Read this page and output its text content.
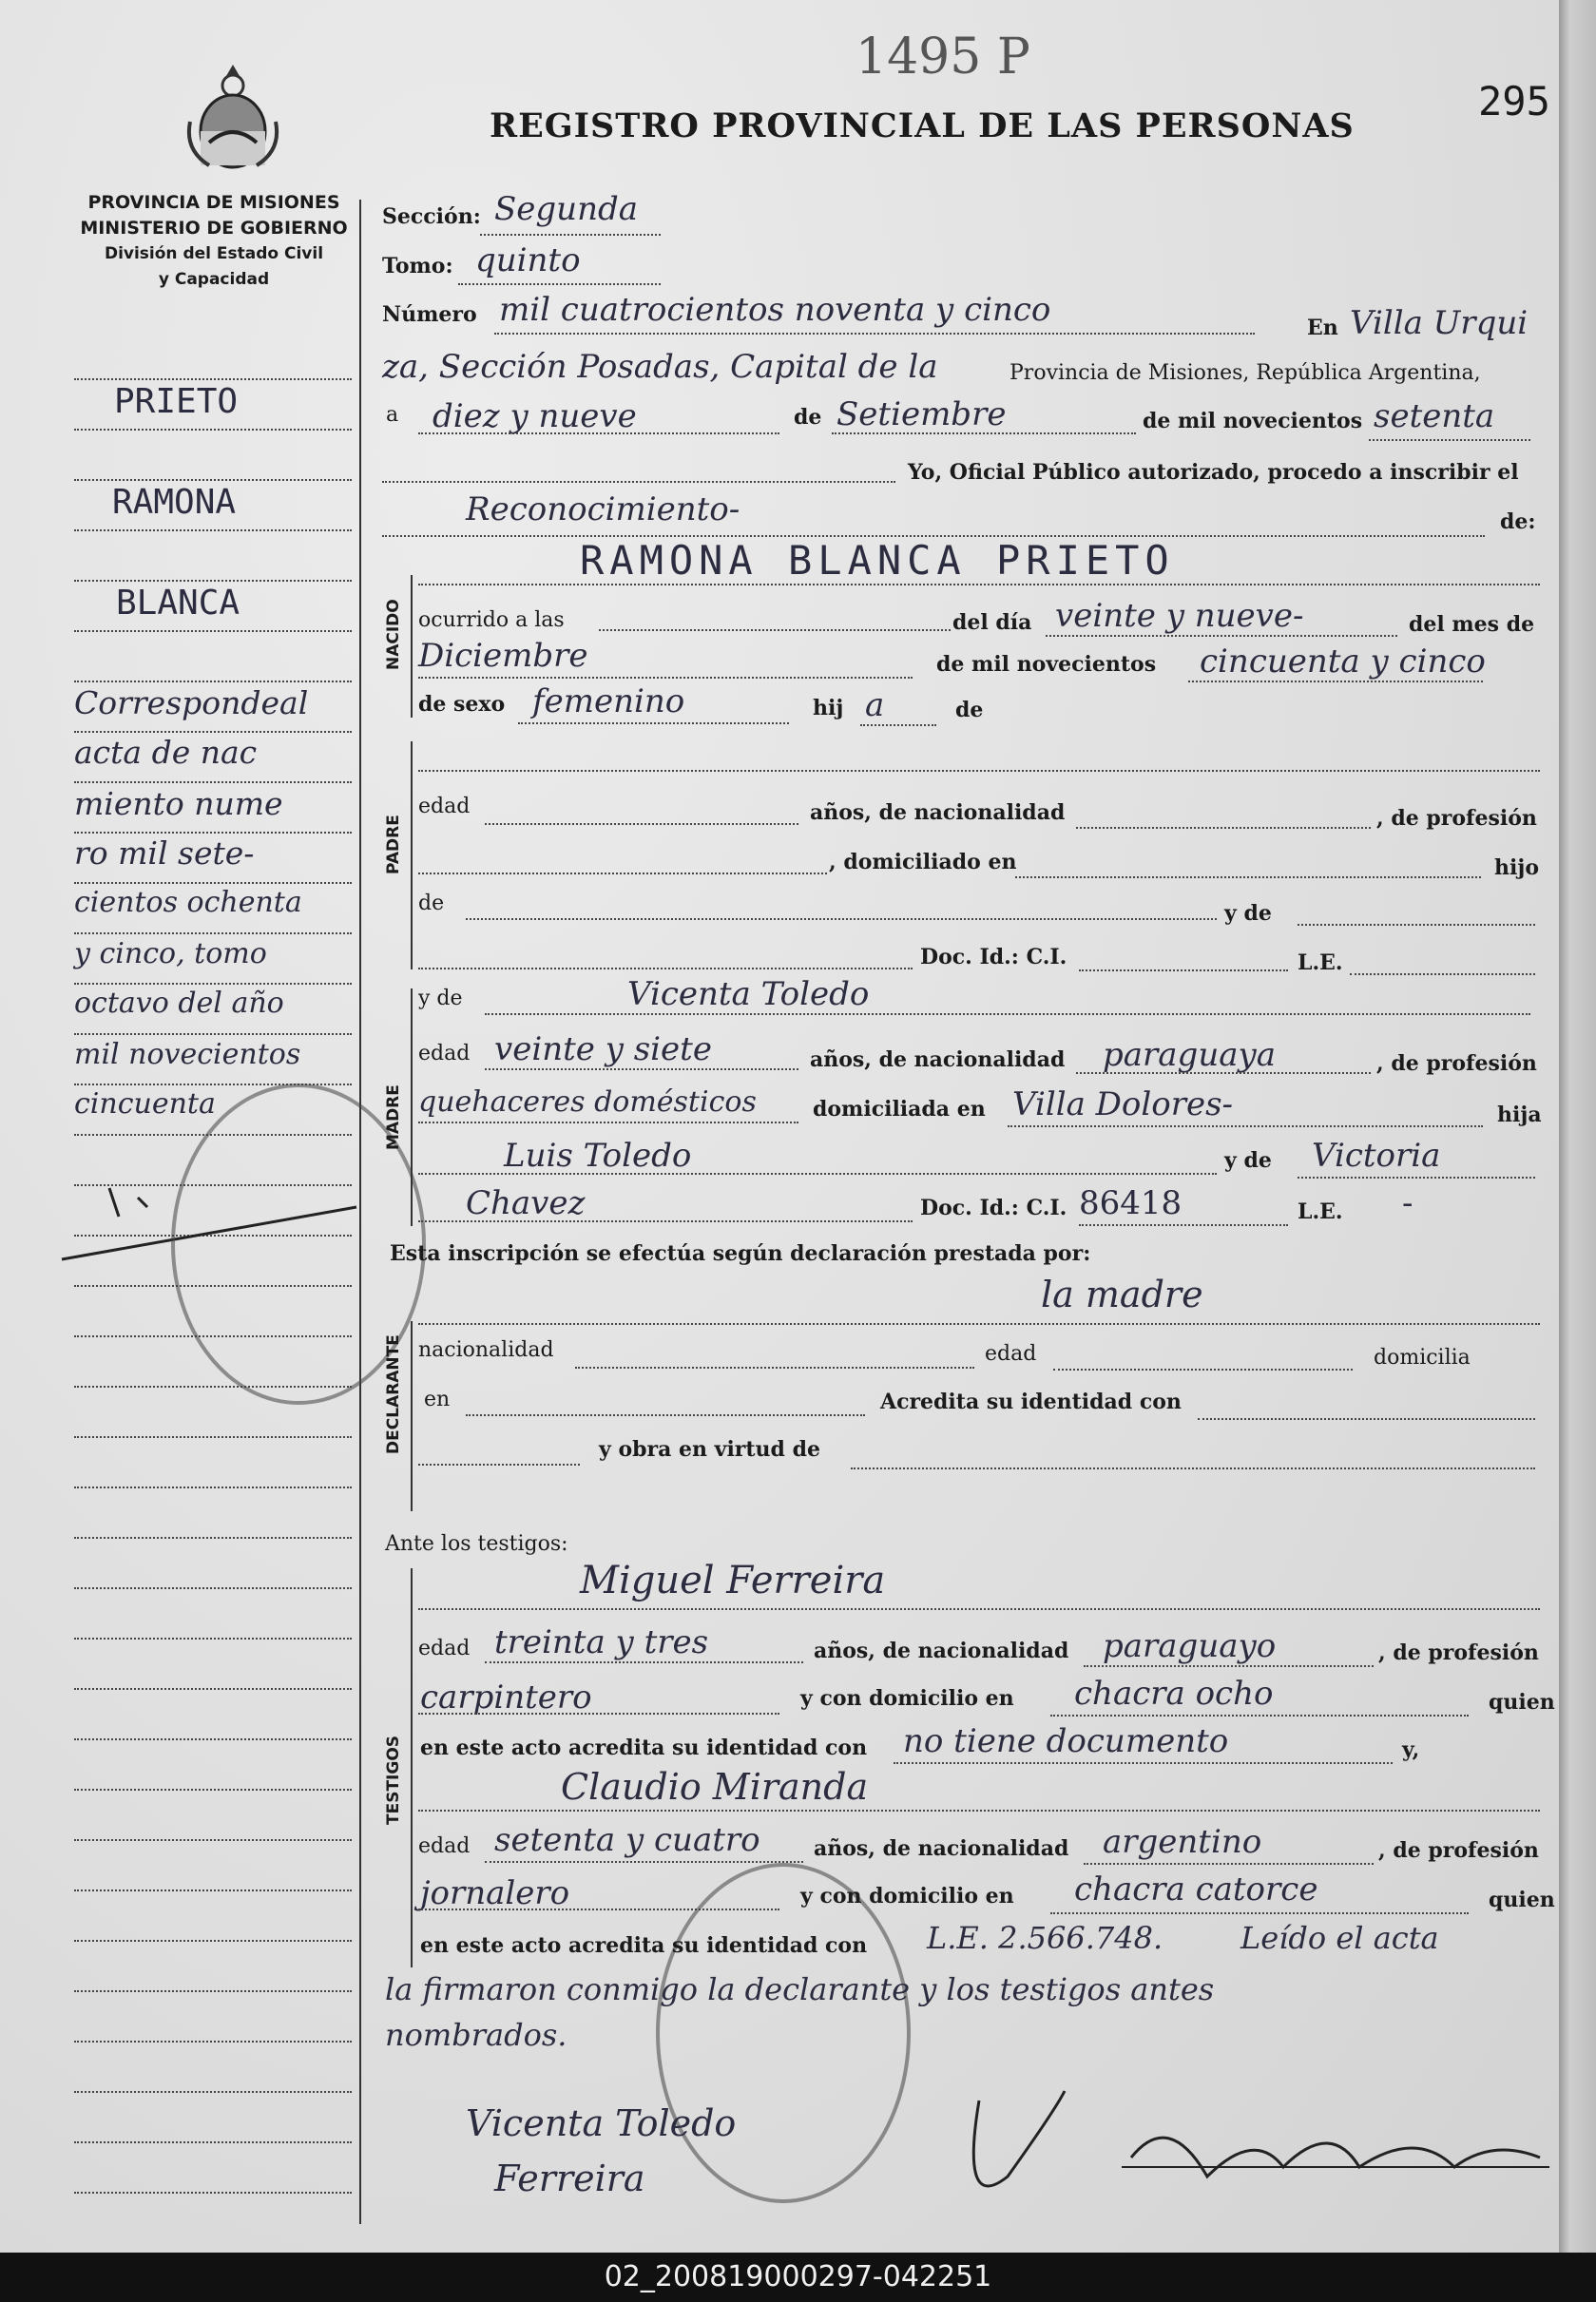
1495 P
295
REGISTRO PROVINCIAL DE LAS PERSONAS
PROVINCIA DE MISIONES
MINISTERIO DE GOBIERNO
División del Estado Civil
y Capacidad
PRIETO
RAMONA
BLANCA
Correspondeal
acta de nac
miento nume
ro mil sete-
cientos ochenta
y cinco, tomo
octavo del año
mil novecientos
cincuenta
Sección: Segunda
Tomo: quinto
Número mil cuatrocientos noventa y cinco	En Villa Urqui
za, Sección Posadas, Capital de la	Provincia de Misiones, República Argentina,
a diez y nueve	de Setiembre	de mil novecientos setenta
Yo, Oficial Público autorizado, procedo a inscribir el
Reconocimiento-	de:
RAMONA BLANCA PRIETO
NACIDO ocurrido a las	del día veinte y nueve-	del mes de
Diciembre	de mil novecientos cincuenta y cinco
de sexo femenino	hij a	de
PADRE
edad	años, de nacionalidad	, de profesión
, domiciliado en	hijo
de	y de
Doc. Id.: C.I.	L.E.
MADRE
y de	Vicenta Toledo
edad veinte y siete	años, de nacionalidad paraguaya	, de profesión
quehaceres domésticos	domiciliada en Villa Dolores-	hija
Luis Toledo	y de Victoria
Chavez	Doc. Id.: C.I. 86418	L.E. -
Esta inscripción se efectúa según declaración prestada por:
la madre
DECLARANTE nacionalidad	edad	domicilia
en	Acredita su identidad con
y obra en virtud de
Ante los testigos:
TESTIGOS
Miguel Ferreira
edad treinta y tres	años, de nacionalidad paraguayo	, de profesión
carpintero	y con domicilio en chacra ocho	quien
en este acto acredita su identidad con no tiene documento	y,
Claudio Miranda
edad setenta y cuatro	años, de nacionalidad argentino	, de profesión
jornalero	y con domicilio en chacra catorce	quien
en este acto acredita su identidad con L.E. 2.566.748.	Leído el acta
la firmaron conmigo la declarante y los testigos antes
nombrados.
Vicenta Toledo
Ferreira
02_200819000297-042251
